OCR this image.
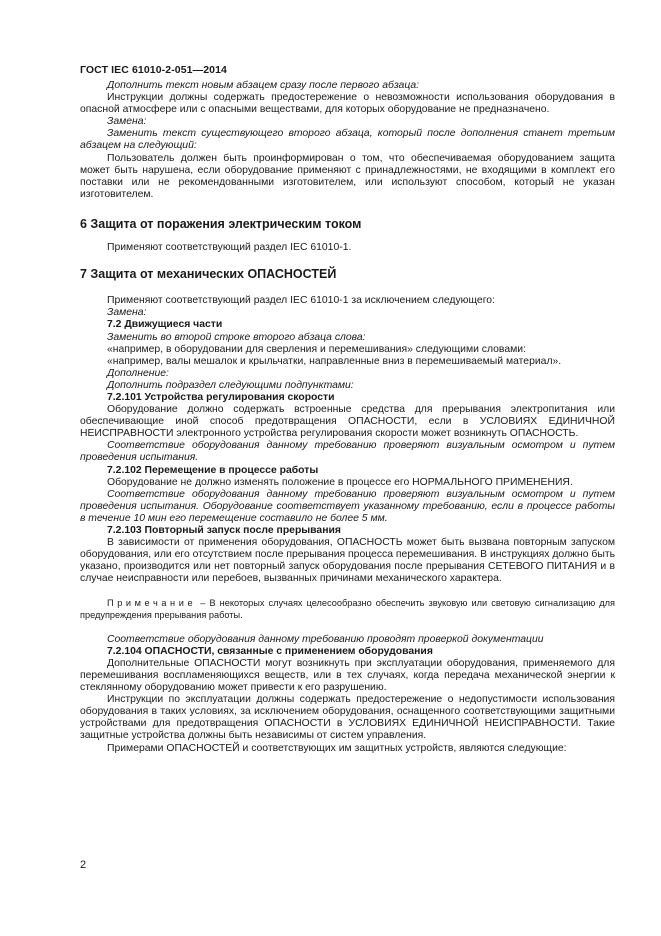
ГОСТ IEC 61010-2-051—2014

Дополнить текст новым абзацем сразу после первого абзаца:

Инструкции должны содержать предостережение о невозможности использования оборудования в опасной атмосфере или с опасными веществами, для которых оборудование не предназначено.

Замена:

Заменить текст существующего второго абзаца, который после дополнения станет третьим абзацем на следующий:

Пользователь должен быть проинформирован о том, что обеспечиваемая оборудованием защита может быть нарушена, если оборудование применяют с принадлежностями, не входящими в комплект его поставки или не рекомендованными изготовителем, или используют способом, который не указан изготовителем.

6 Защита от поражения электрическим током

Применяют соответствующий раздел IEC 61010-1.

7 Защита от механических ОПАСНОСТЕЙ

Применяют соответствующий раздел IEC 61010-1 за исключением следующего:

Замена:

7.2 Движущиеся части

Заменить во второй строке второго абзаца слова:

«например, в оборудовании для сверления и перемешивания» следующими словами:

«например, валы мешалок и крыльчатки, направленные вниз в перемешиваемый материал».

Дополнение:

Дополнить подраздел следующими подпунктами:

7.2.101 Устройства регулирования скорости

Оборудование должно содержать встроенные средства для прерывания электропитания или обеспечивающие иной способ предотвращения ОПАСНОСТИ, если в УСЛОВИЯХ ЕДИНИЧНОЙ НЕИСПРАВНОСТИ электронного устройства регулирования скорости может возникнуть ОПАСНОСТЬ.

Соответствие оборудования данному требованию проверяют визуальным осмотром и путем проведения испытания.

7.2.102 Перемещение в процессе работы

Оборудование не должно изменять положение в процессе его НОРМАЛЬНОГО ПРИМЕНЕНИЯ.

Соответствие оборудования данному требованию проверяют визуальным осмотром и путем проведения испытания. Оборудование соответствует указанному требованию, если в процессе работы в течение 10 мин его перемещение составило не более 5 мм.

7.2.103 Повторный запуск после прерывания

В зависимости от применения оборудования, ОПАСНОСТЬ может быть вызвана повторным запуском оборудования, или его отсутствием после прерывания процесса перемешивания. В инструкциях должно быть указано, производится или нет повторный запуск оборудования после прерывания СЕТЕВОГО ПИТАНИЯ и в случае неисправности или перебоев, вызванных причинами механического характера.

Примечание – В некоторых случаях целесообразно обеспечить звуковую или световую сигнализацию для предупреждения прерывания работы.

Соответствие оборудования данному требованию проводят проверкой документации

7.2.104 ОПАСНОСТИ, связанные с применением оборудования

Дополнительные ОПАСНОСТИ могут возникнуть при эксплуатации оборудования, применяемого для перемешивания воспламеняющихся веществ, или в тех случаях, когда передача механической энергии к стеклянному оборудованию может привести к его разрушению.

Инструкции по эксплуатации должны содержать предостережение о недопустимости использования оборудования в таких условиях, за исключением оборудования, оснащенного соответствующими защитными устройствами для предотвращения ОПАСНОСТИ в УСЛОВИЯХ ЕДИНИЧНОЙ НЕИСПРАВНОСТИ. Такие защитные устройства должны быть независимы от систем управления.

Примерами ОПАСНОСТЕЙ и соответствующих им защитных устройств, являются следующие:

2
